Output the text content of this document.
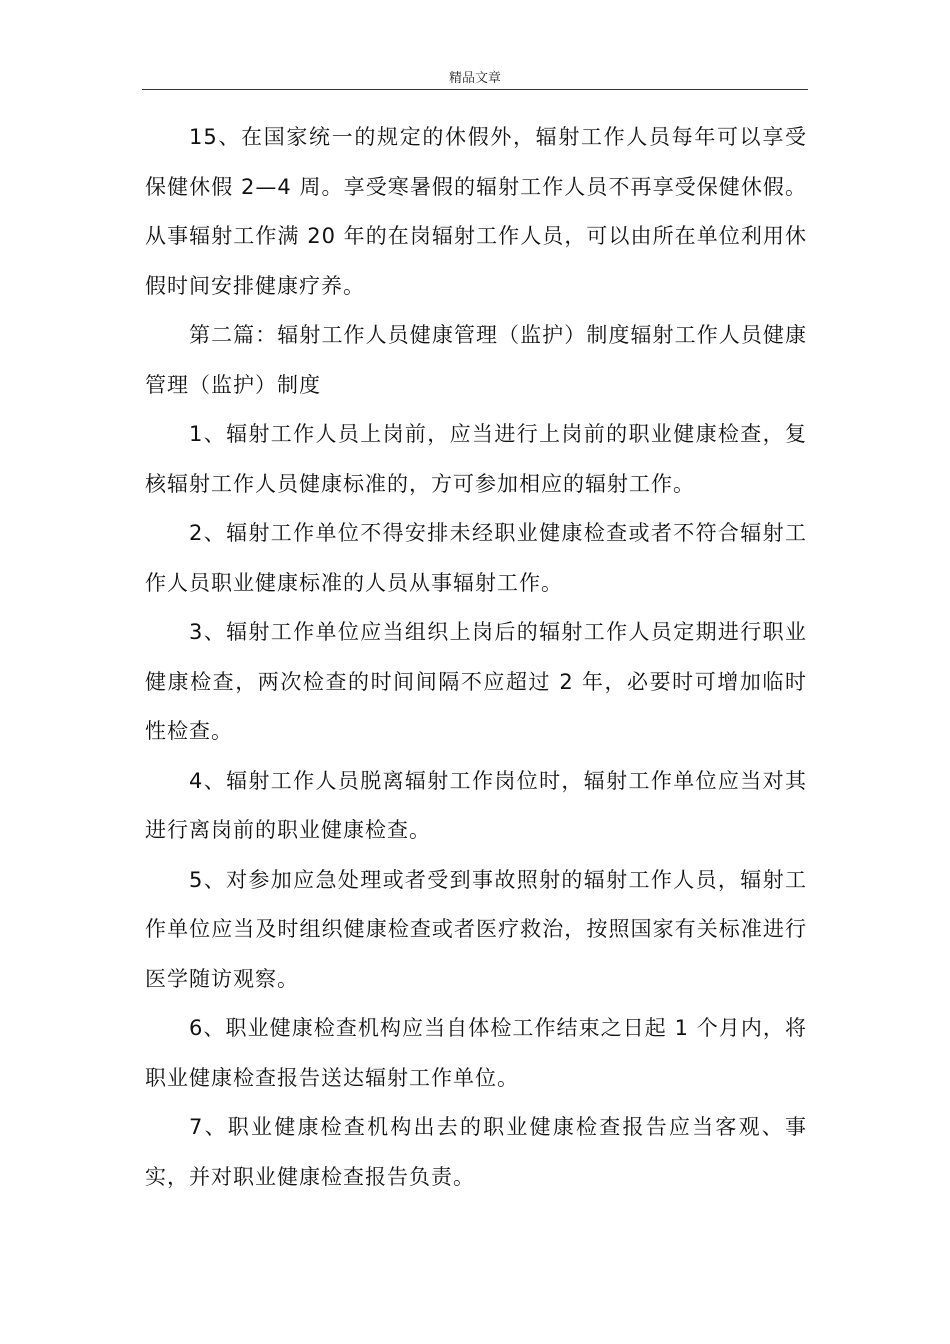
精品文章

15、在国家统一的规定的休假外，辐射工作人员每年可以享受保健休假 2—4 周。享受寒暑假的辐射工作人员不再享受保健休假。从事辐射工作满 20 年的在岗辐射工作人员，可以由所在单位利用休假时间安排健康疗养。

第二篇：辐射工作人员健康管理（监护）制度辐射工作人员健康管理（监护）制度

1、辐射工作人员上岗前，应当进行上岗前的职业健康检查，复核辐射工作人员健康标准的，方可参加相应的辐射工作。

2、辐射工作单位不得安排未经职业健康检查或者不符合辐射工作人员职业健康标准的人员从事辐射工作。

3、辐射工作单位应当组织上岗后的辐射工作人员定期进行职业健康检查，两次检查的时间间隔不应超过 2 年，必要时可增加临时性检查。

4、辐射工作人员脱离辐射工作岗位时，辐射工作单位应当对其进行离岗前的职业健康检查。

5、对参加应急处理或者受到事故照射的辐射工作人员，辐射工作单位应当及时组织健康检查或者医疗救治，按照国家有关标准进行医学随访观察。

6、职业健康检查机构应当自体检工作结束之日起 1 个月内，将职业健康检查报告送达辐射工作单位。

7、职业健康检查机构出去的职业健康检查报告应当客观、事实，并对职业健康检查报告负责。
